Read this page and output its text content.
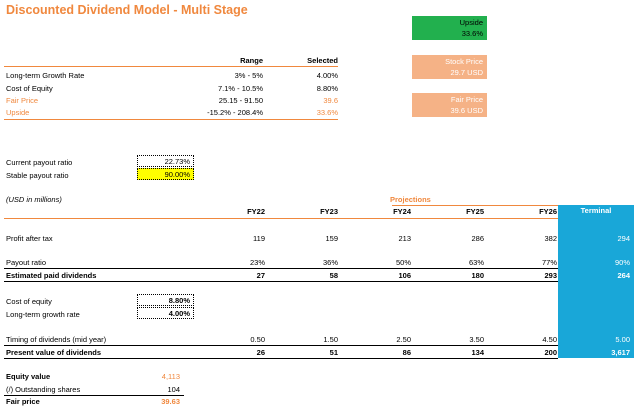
Discounted Dividend Model - Multi Stage
Upside
33.6%
Stock Price
29.7 USD
Fair Price
39.6 USD
Range	Selected
Long-term Growth Rate	3% - 5%	4.00%
Cost of Equity	7.1% - 10.5%	8.80%
Fair Price	25.15 - 91.50	39.6
Upside	-15.2% - 208.4%	33.6%
Current payout ratio	22.73%
Stable payout ratio	90.00%
(USD in millions)	Projections
Terminal
FY22	FY23	FY24	FY25	FY26
Profit after tax	119	159	213	286	382	294
Payout ratio	23%	36%	50%	63%	77%	90%
Estimated paid dividends	27	58	106	180	293	264
Cost of equity	8.80%
Long-term growth rate	4.00%
Timing of dividends (mid year)	0.50	1.50	2.50	3.50	4.50	5.00
Present value of dividends	26	51	86	134	200	3,617
Equity value	4,113
(/) Outstanding shares	104
Fair price	39.63
